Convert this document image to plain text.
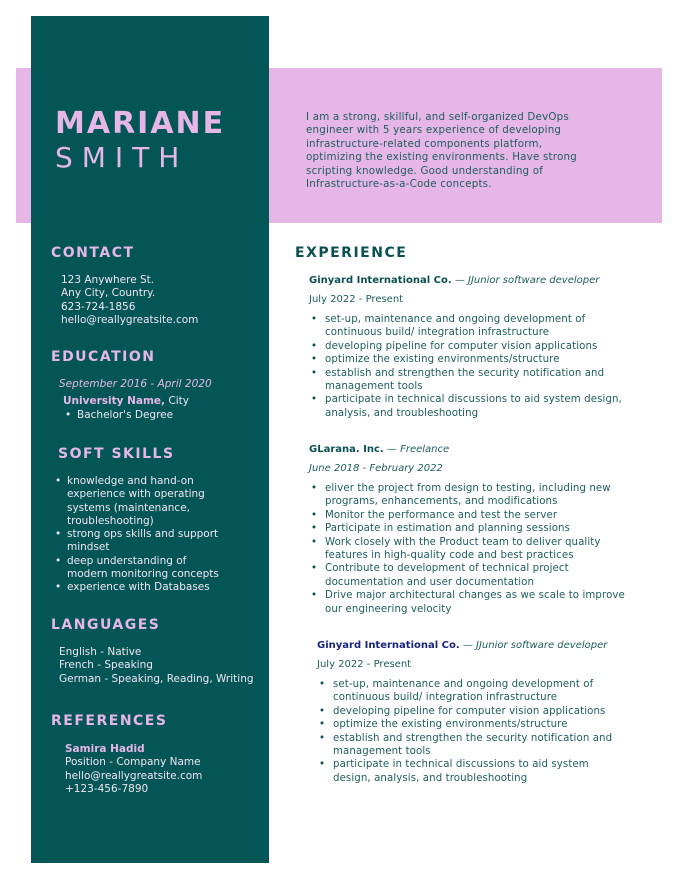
MARIANE
SMITH

I am a strong, skillful, and self-organized DevOps engineer with 5 years experience of developing infrastructure-related components platform, optimizing the existing environments. Have strong scripting knowledge. Good understanding of Infrastructure-as-a-Code concepts.

CONTACT
123 Anywhere St.
Any City, Country.
623-724-1856
hello@reallygreatsite.com
EDUCATION
September 2016 - April 2020
University Name, City
• Bachelor's Degree
SOFT SKILLS
• knowledge and hand-on experience with operating systems (maintenance, troubleshooting)
• strong ops skills and support mindset
• deep understanding of modern monitoring concepts
• experience with Databases
LANGUAGES
English - Native
French - Speaking
German - Speaking, Reading, Writing
REFERENCES
Samira Hadid
Position - Company Name
hello@reallygreatsite.com
+123-456-7890
EXPERIENCE
Ginyard International Co. — JJunior software developer
July 2022 - Present
• set-up, maintenance and ongoing development of continuous build/ integration infrastructure
• developing pipeline for computer vision applications
• optimize the existing environments/structure
• establish and strengthen the security notification and management tools
• participate in technical discussions to aid system design, analysis, and troubleshooting
GLarana. Inc. — Freelance
June 2018 - February 2022
• eliver the project from design to testing, including new programs, enhancements, and modifications
• Monitor the performance and test the server
• Participate in estimation and planning sessions
• Work closely with the Product team to deliver quality features in high-quality code and best practices
• Contribute to development of technical project documentation and user documentation
• Drive major architectural changes as we scale to improve our engineering velocity
Ginyard International Co. — JJunior software developer
July 2022 - Present
• set-up, maintenance and ongoing development of continuous build/ integration infrastructure
• developing pipeline for computer vision applications
• optimize the existing environments/structure
• establish and strengthen the security notification and management tools
• participate in technical discussions to aid system design, analysis, and troubleshooting
